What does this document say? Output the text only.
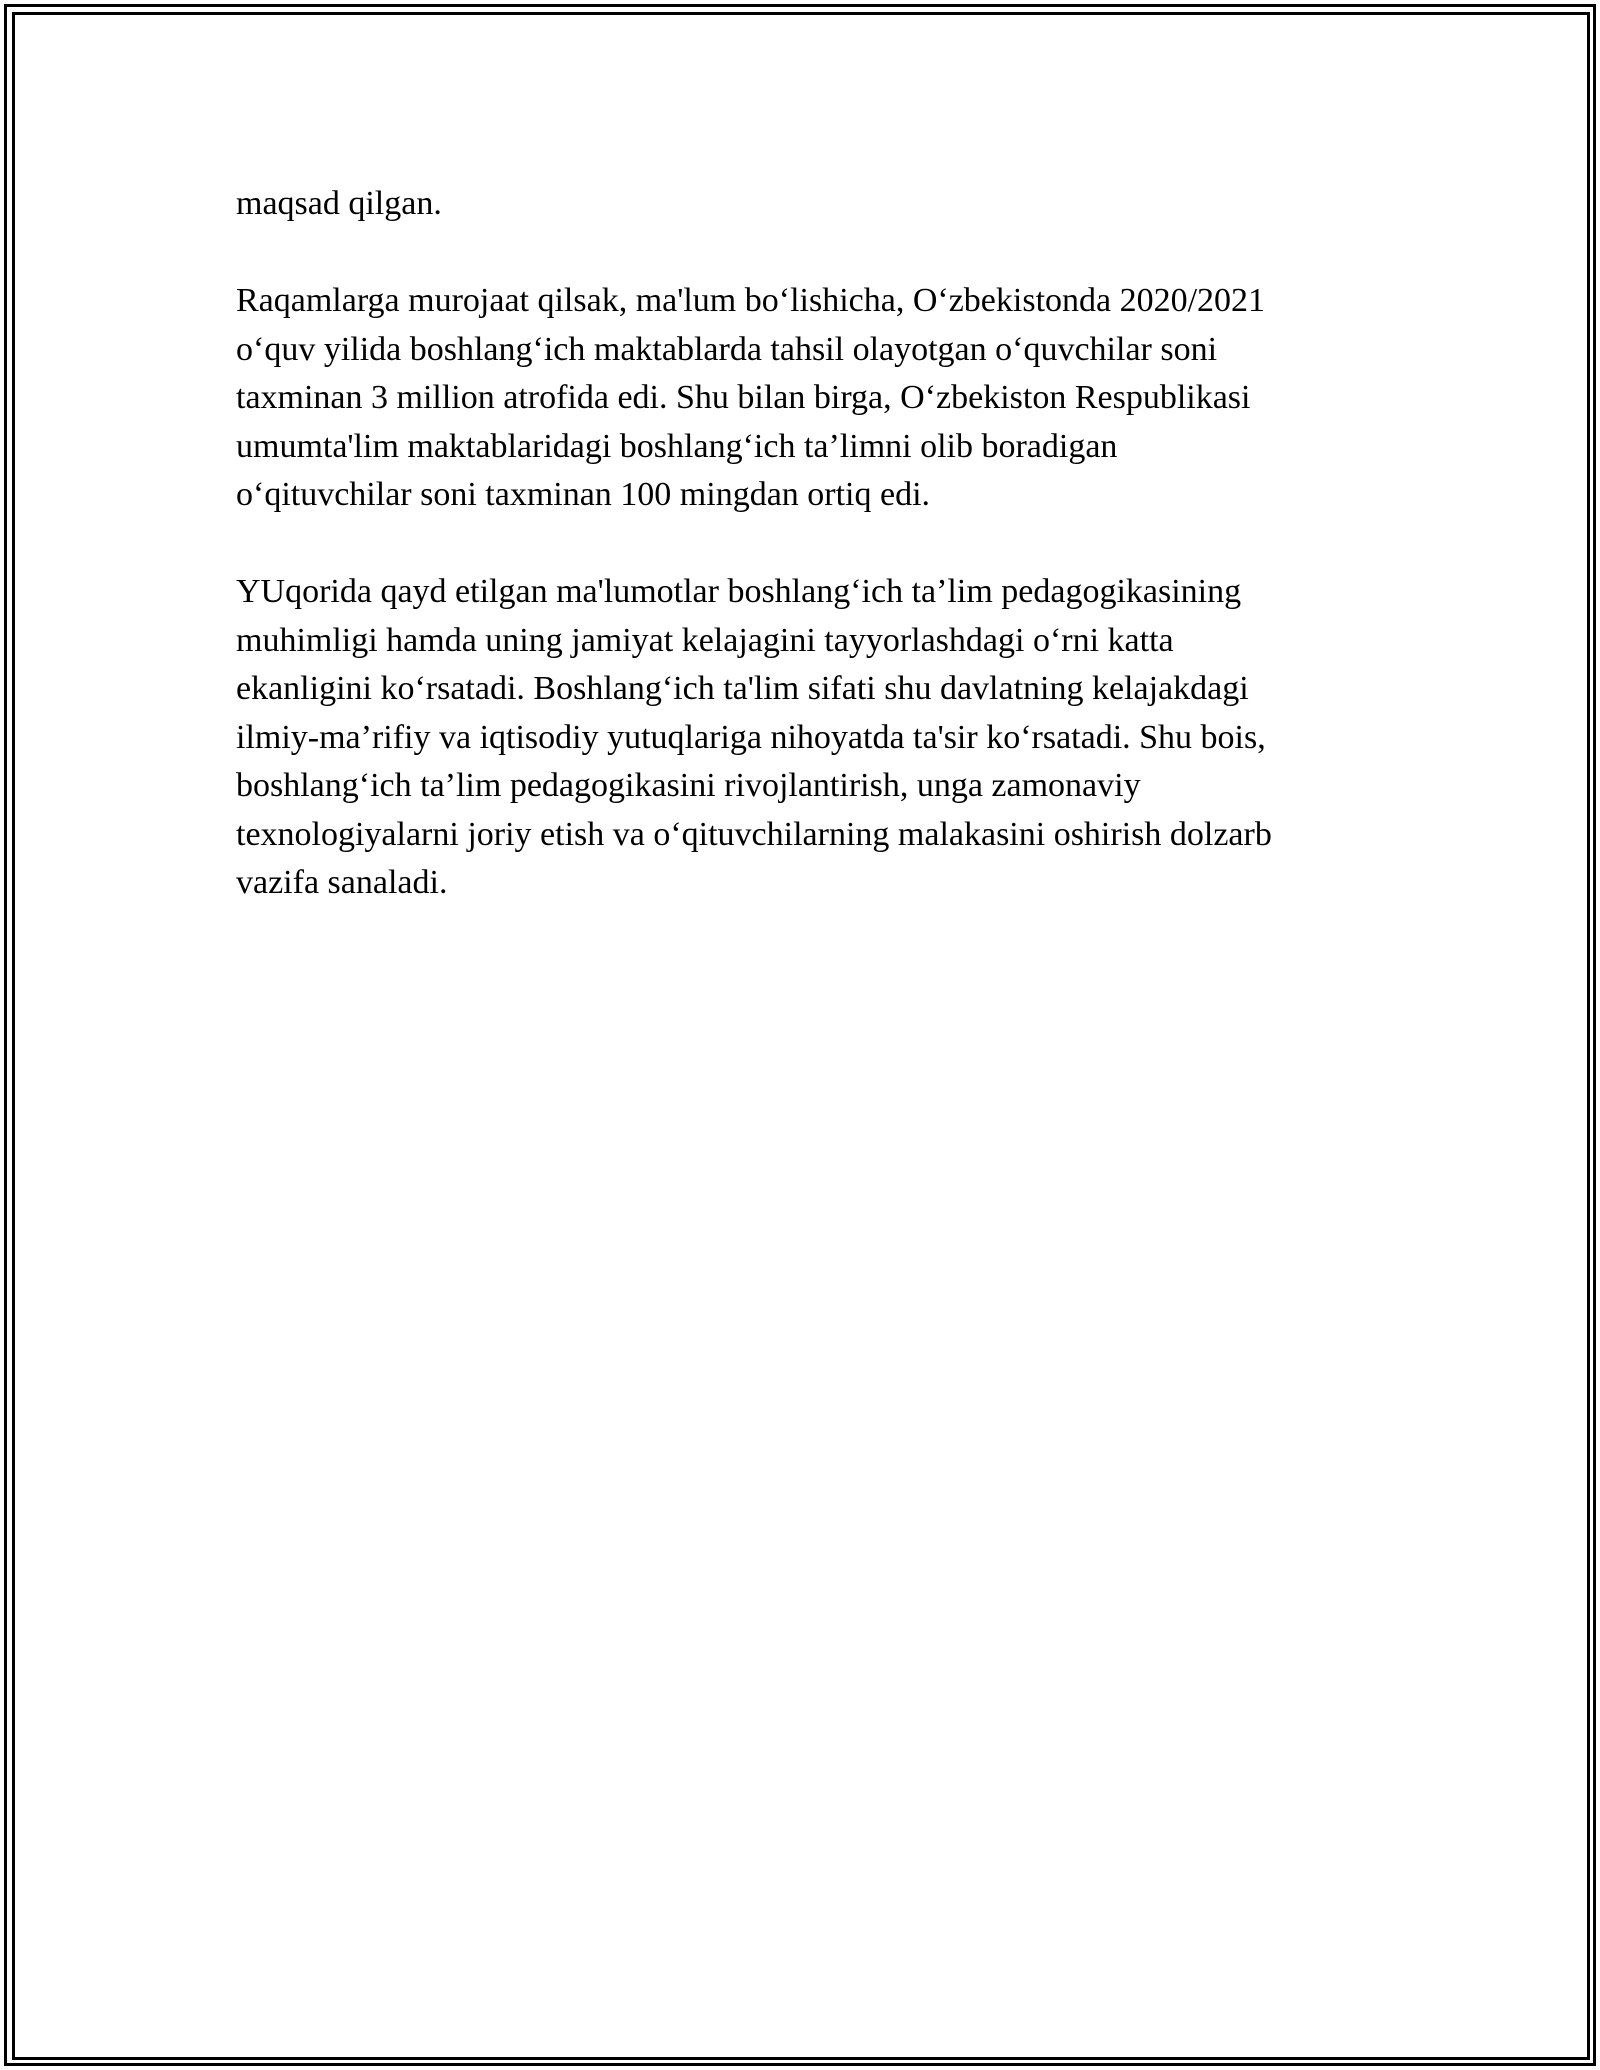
maqsad qilgan.

Raqamlarga murojaat qilsak, ma'lum bo‘lishicha, O‘zbekistonda 2020/2021
o‘quv yilida boshlang‘ich maktablarda tahsil olayotgan o‘quvchilar soni
taxminan 3 million atrofida edi. Shu bilan birga, O‘zbekiston Respublikasi
umumta'lim maktablaridagi boshlang‘ich ta’limni olib boradigan
o‘qituvchilar soni taxminan 100 mingdan ortiq edi.

YUqorida qayd etilgan ma'lumotlar boshlang‘ich ta’lim pedagogikasining
muhimligi hamda uning jamiyat kelajagini tayyorlashdagi o‘rni katta
ekanligini ko‘rsatadi. Boshlang‘ich ta'lim sifati shu davlatning kelajakdagi
ilmiy-ma’rifiy va iqtisodiy yutuqlariga nihoyatda ta'sir ko‘rsatadi. Shu bois,
boshlang‘ich ta’lim pedagogikasini rivojlantirish, unga zamonaviy
texnologiyalarni joriy etish va o‘qituvchilarning malakasini oshirish dolzarb
vazifa sanaladi.
